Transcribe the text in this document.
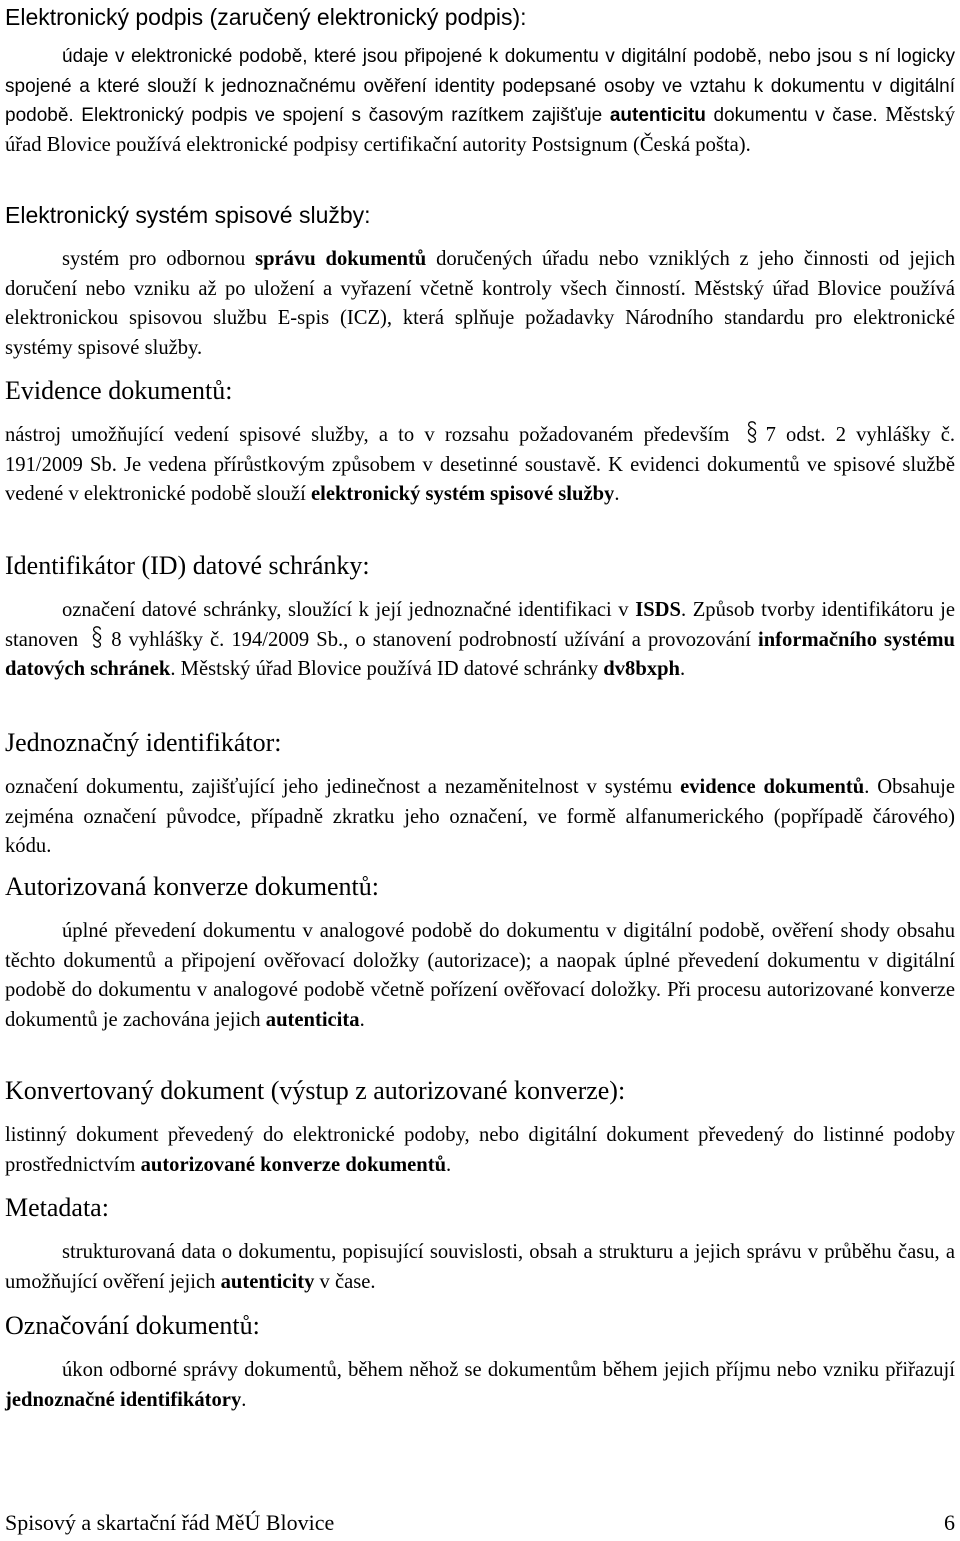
Elektronický podpis (zaručený elektronický podpis):

údaje v elektronické podobě, které jsou připojené k dokumentu v digitální podobě, nebo jsou s ní logicky spojené a které slouží k jednoznačnému ověření identity podepsané osoby ve vztahu k dokumentu v digitální podobě. Elektronický podpis ve spojení s časovým razítkem zajišťuje autenticitu dokumentu v čase. Městský úřad Blovice používá elektronické podpisy certifikační autority Postsignum (Česká pošta).

Elektronický systém spisové služby:

systém pro odbornou správu dokumentů doručených úřadu nebo vzniklých z jeho činnosti od jejich doručení nebo vzniku až po uložení a vyřazení včetně kontroly všech činností. Městský úřad Blovice používá elektronickou spisovou službu E-spis (ICZ), která splňuje požadavky Národního standardu pro elektronické systémy spisové služby.

Evidence dokumentů:

nástroj umožňující vedení spisové služby, a to v rozsahu požadovaném především
7 odst. 2 vyhlášky č. 191/2009 Sb. Je vedena přírůstkovým způsobem v desetinné soustavě. K evidenci dokumentů ve spisové službě vedené v elektronické podobě slouží elektronický systém spisové služby.

Identifikátor (ID) datové schránky:

označení datové schránky, sloužící k její jednoznačné identifikaci v ISDS. Způsob tvorby identifikátoru je stanoven
8 vyhlášky č. 194/2009 Sb., o stanovení podrobností užívání a provozování informačního systému datových schránek. Městský úřad Blovice používá ID datové schránky dv8bxph.

Jednoznačný identifikátor:

označení dokumentu, zajišťující jeho jedinečnost a nezaměnitelnost v systému evidence dokumentů. Obsahuje zejména označení původce, případně zkratku jeho označení, ve formě alfanumerického (popřípadě čárového) kódu.

Autorizovaná konverze dokumentů:

úplné převedení dokumentu v analogové podobě do dokumentu v digitální podobě, ověření shody obsahu těchto dokumentů a připojení ověřovací doložky (autorizace); a naopak úplné převedení dokumentu v digitální podobě do dokumentu v analogové podobě včetně pořízení ověřovací doložky. Při procesu autorizované konverze dokumentů je zachována jejich autenticita.

Konvertovaný dokument (výstup z autorizované konverze):

listinný dokument převedený do elektronické podoby, nebo digitální dokument převedený do listinné podoby prostřednictvím autorizované konverze dokumentů.

Metadata:

strukturovaná data o dokumentu, popisující souvislosti, obsah a strukturu a jejich správu v průběhu času, a umožňující ověření jejich autenticity v čase.

Označování dokumentů:

úkon odborné správy dokumentů, během něhož se dokumentům během jejich příjmu nebo vzniku přiřazují jednoznačné identifikátory.

Spisový a skartační řád MěÚ Blovice	6
